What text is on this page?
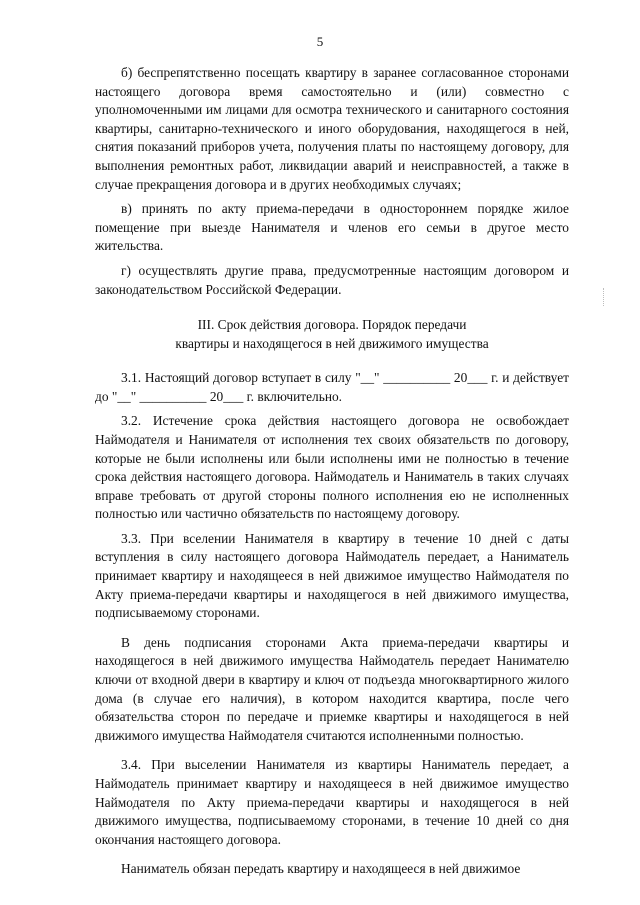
5

б) беспрепятственно посещать квартиру в заранее согласованное сторонами настоящего договора время самостоятельно и (или) совместно с уполномоченными им лицами для осмотра технического и санитарного состояния квартиры, санитарно-технического и иного оборудования, находящегося в ней, снятия показаний приборов учета, получения платы по настоящему договору, для выполнения ремонтных работ, ликвидации аварий и неисправностей, а также в случае прекращения договора и в других необходимых случаях;

в) принять по акту приема-передачи в одностороннем порядке жилое помещение при выезде Нанимателя и членов его семьи в другое место жительства.

г) осуществлять другие права, предусмотренные настоящим договором и законодательством Российской Федерации.

III. Срок действия договора. Порядок передачи

квартиры и находящегося в ней движимого имущества

3.1. Настоящий договор вступает в силу "__" __________ 20___ г. и действует до "__" __________ 20___ г. включительно.

3.2. Истечение срока действия настоящего договора не освобождает Наймодателя и Нанимателя от исполнения тех своих обязательств по договору, которые не были исполнены или были исполнены ими не полностью в течение срока действия настоящего договора. Наймодатель и Наниматель в таких случаях вправе требовать от другой стороны полного исполнения ею не исполненных полностью или частично обязательств по настоящему договору.

3.3. При вселении Нанимателя в квартиру в течение 10 дней с даты вступления в силу настоящего договора Наймодатель передает, а Наниматель принимает квартиру и находящееся в ней движимое имущество Наймодателя по Акту приема-передачи квартиры и находящегося в ней движимого имущества, подписываемому сторонами.

В день подписания сторонами Акта приема-передачи квартиры и находящегося в ней движимого имущества Наймодатель передает Нанимателю ключи от входной двери в квартиру и ключ от подъезда многоквартирного жилого дома (в случае его наличия), в котором находится квартира, после чего обязательства сторон по передаче и приемке квартиры и находящегося в ней движимого имущества Наймодателя считаются исполненными полностью.

3.4. При выселении Нанимателя из квартиры Наниматель передает, а Наймодатель принимает квартиру и находящееся в ней движимое имущество Наймодателя по Акту приема-передачи квартиры и находящегося в ней движимого имущества, подписываемому сторонами, в течение 10 дней со дня окончания настоящего договора.

Наниматель обязан передать квартиру и находящееся в ней движимое
